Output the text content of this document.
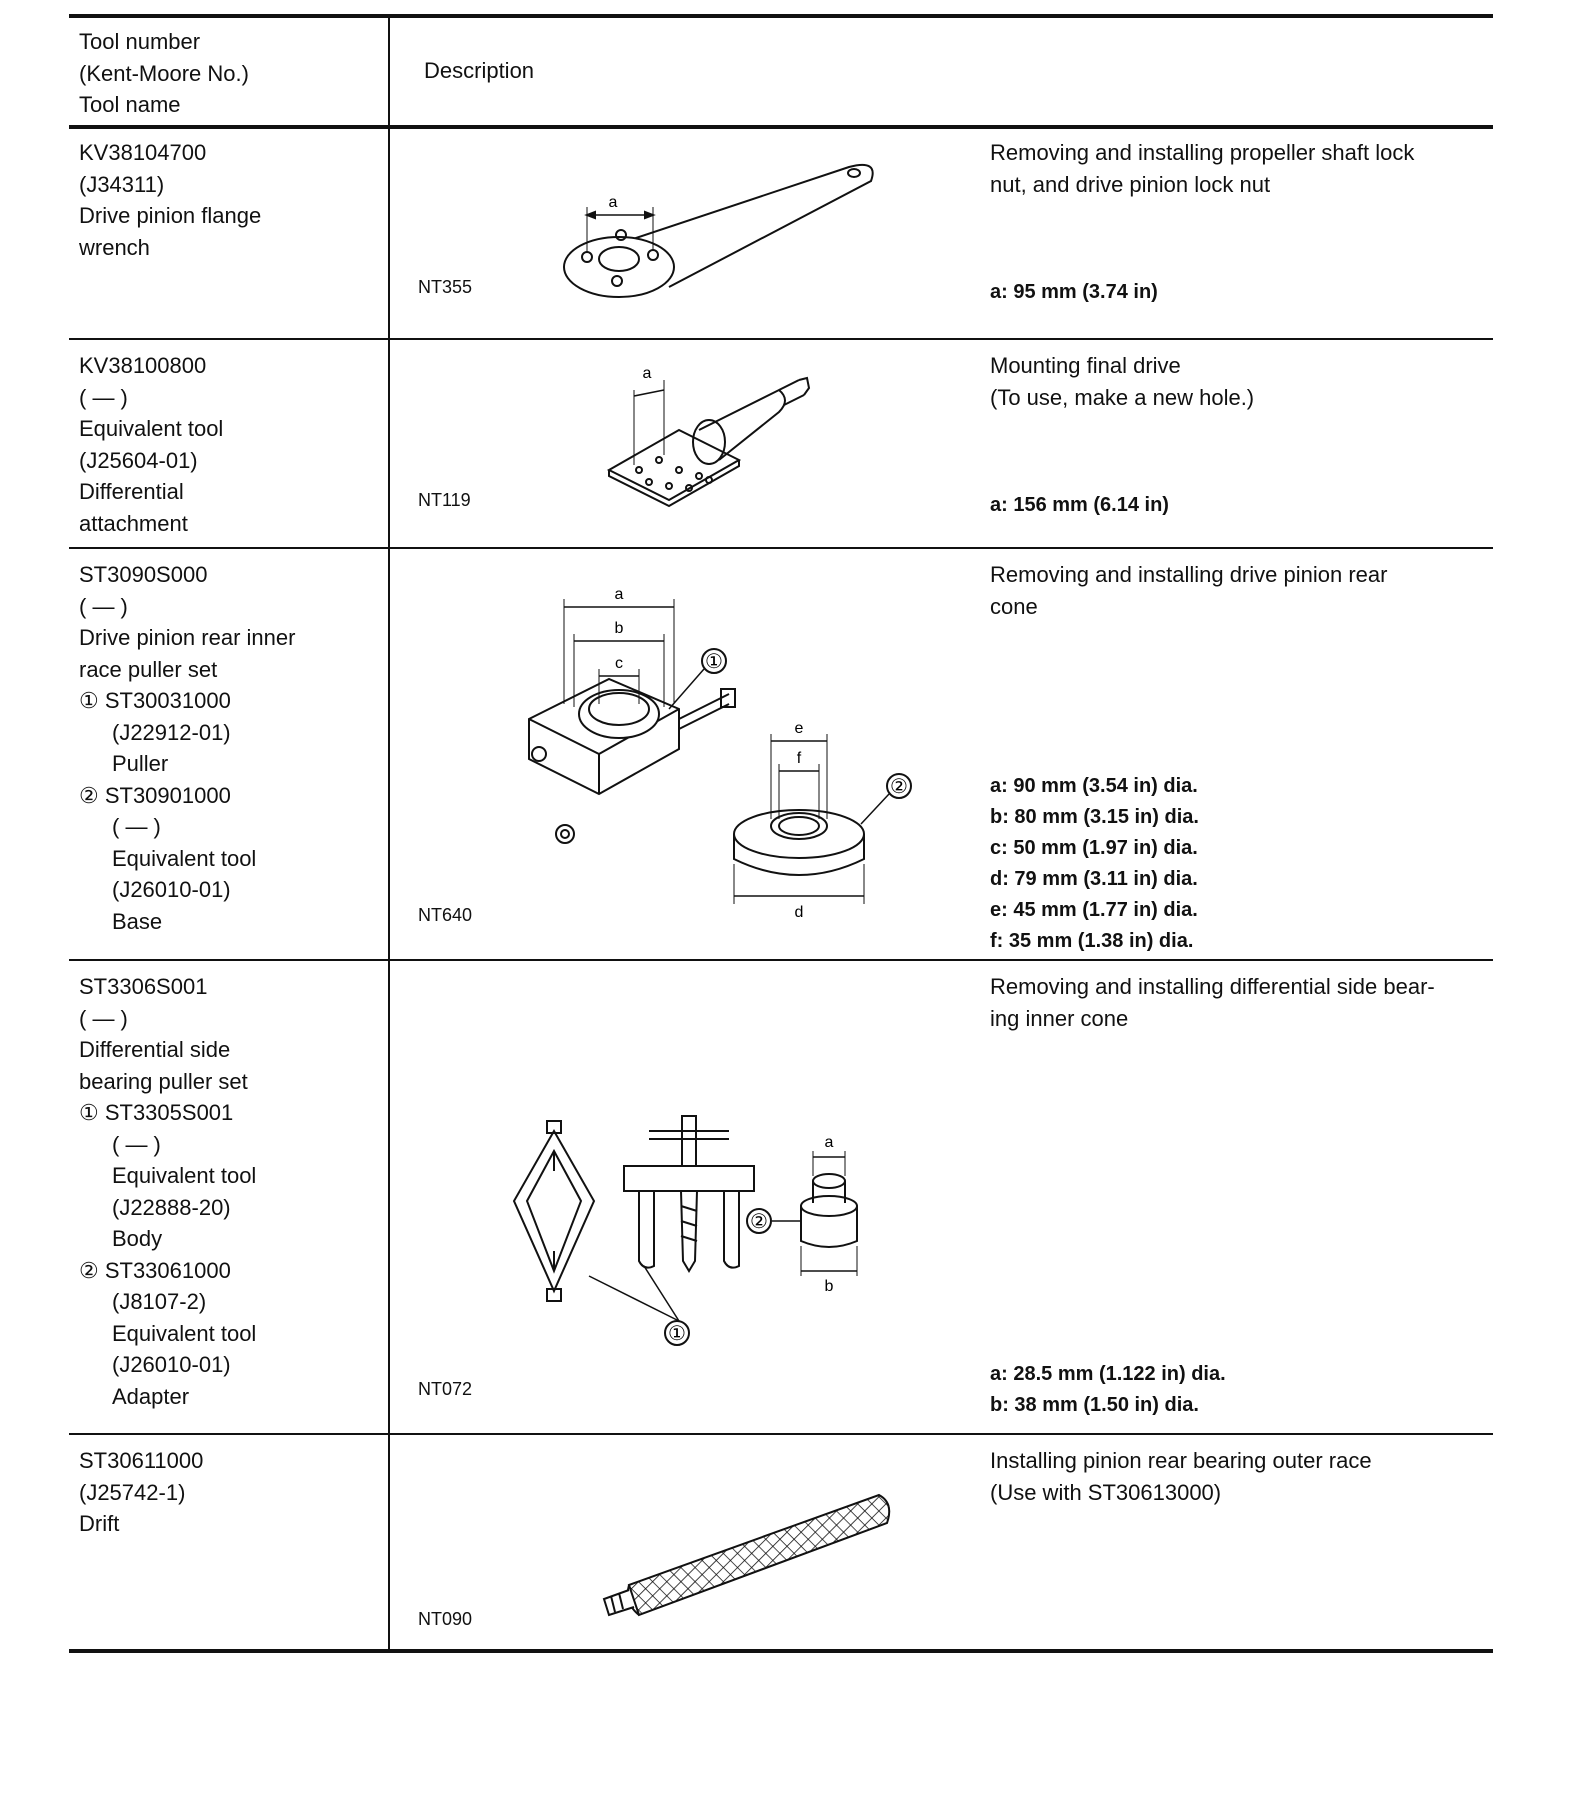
Tool number
(Kent-Moore No.)
Tool name
Description
KV38104700
(J34311)
Drive pinion flange
wrench
a
NT355
Removing and installing propeller shaft lock
nut, and drive pinion lock nut
a: 95 mm (3.74 in)
KV38100800
( — )
Equivalent tool
(J25604-01)
Differential
attachment
a
NT119
Mounting final drive
(To use, make a new hole.)
a: 156 mm (6.14 in)
ST3090S000
( — )
Drive pinion rear inner
race puller set
① ST30031000
(J22912-01)
Puller
② ST30901000
( — )
Equivalent tool
(J26010-01)
Base
a
b
c
e
f
d
①
②
NT640
Removing and installing drive pinion rear
cone
a: 90 mm (3.54 in) dia.
b: 80 mm (3.15 in) dia.
c: 50 mm (1.97 in) dia.
d: 79 mm (3.11 in) dia.
e: 45 mm (1.77 in) dia.
f: 35 mm (1.38 in) dia.
ST3306S001
( — )
Differential side
bearing puller set
① ST3305S001
( — )
Equivalent tool
(J22888-20)
Body
② ST33061000
(J8107-2)
Equivalent tool
(J26010-01)
Adapter
a
b
①
②
NT072
Removing and installing differential side bear-
ing inner cone
a: 28.5 mm (1.122 in) dia.
b: 38 mm (1.50 in) dia.
ST30611000
(J25742-1)
Drift
NT090
Installing pinion rear bearing outer race
(Use with ST30613000)
